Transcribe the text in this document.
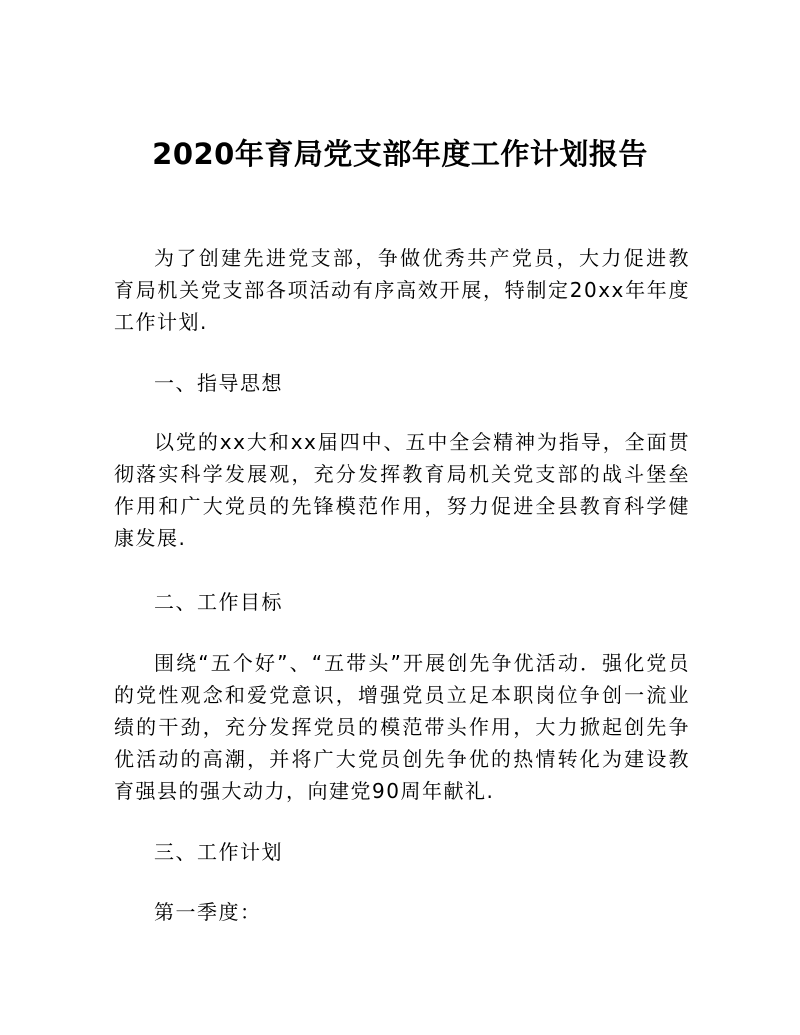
2020年育局党支部年度工作计划报告

为了创建先进党支部，争做优秀共产党员，大力促进教育局机关党支部各项活动有序高效开展，特制定20xx年年度工作计划.

一、指导思想

以党的xx大和xx届四中、五中全会精神为指导，全面贯彻落实科学发展观，充分发挥教育局机关党支部的战斗堡垒作用和广大党员的先锋模范作用，努力促进全县教育科学健康发展.

二、工作目标

围绕“五个好”、“五带头”开展创先争优活动．强化党员的党性观念和爱党意识，增强党员立足本职岗位争创一流业绩的干劲，充分发挥党员的模范带头作用，大力掀起创先争优活动的高潮，并将广大党员创先争优的热情转化为建设教育强县的强大动力，向建党90周年献礼.

三、工作计划

第一季度：
